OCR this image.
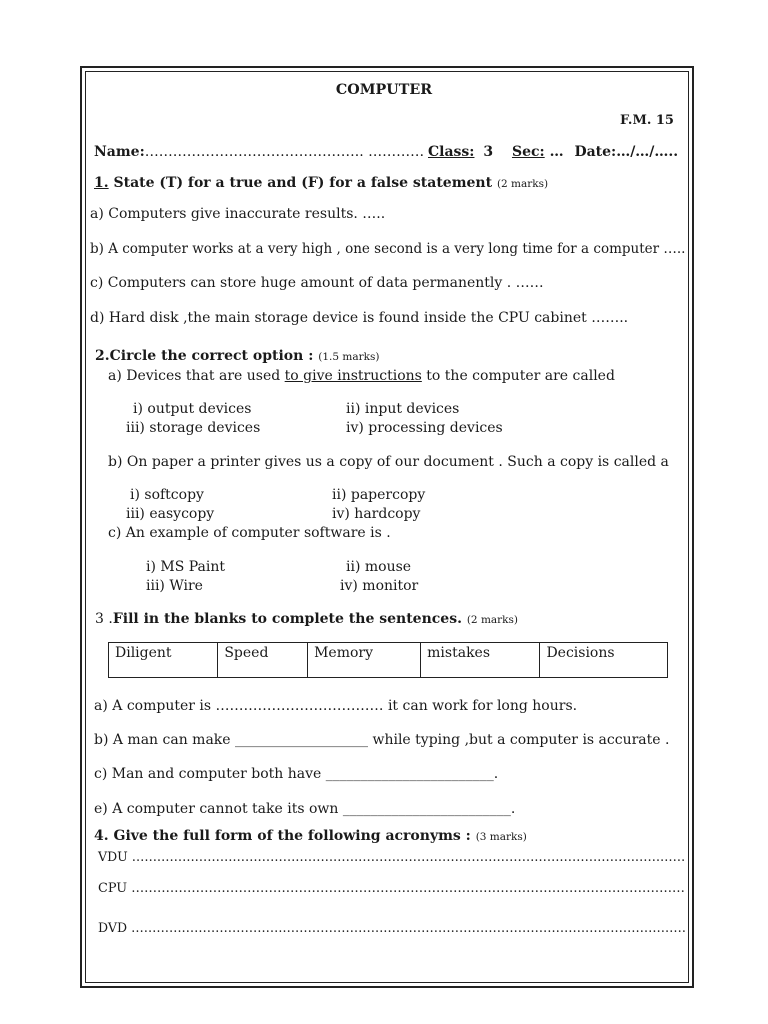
COMPUTER
F.M. 15
Name:……………………………………….. ………… Class: 3 Sec: … Date:…/…/…..
1. State (T) for a true and (F) for a false statement (2 marks)
a) Computers give inaccurate results. …..
b) A computer works at a very high , one second is a very long time for a computer …..
c) Computers can store huge amount of data permanently . ……
d) Hard disk ,the main storage device is found inside the CPU cabinet ……..
2.Circle the correct option : (1.5 marks)
a) Devices that are used to give instructions to the computer are called
i) output devices	ii) input devices
iii) storage devices	iv) processing devices
b) On paper a printer gives us a copy of our document . Such a copy is called a
i) softcopy	ii) papercopy
iii) easycopy	iv) hardcopy
c) An example of computer software is .
i) MS Paint	ii) mouse
iii) Wire	iv) monitor
3 .Fill in the blanks to complete the sentences. (2 marks)
Diligent	Speed	Memory	mistakes	Decisions
a) A computer is ……………………………… it can work for long hours.
b) A man can make ___________________ while typing ,but a computer is accurate .
c) Man and computer both have ________________________.
e) A computer cannot take its own ________________________.
4. Give the full form of the following acronyms : (3 marks)
VDU ……………………………………………………………………………………………………………………
CPU …………………………………………………………………………………………………………………
DVD ……………………………………………………………………………………………………………………
